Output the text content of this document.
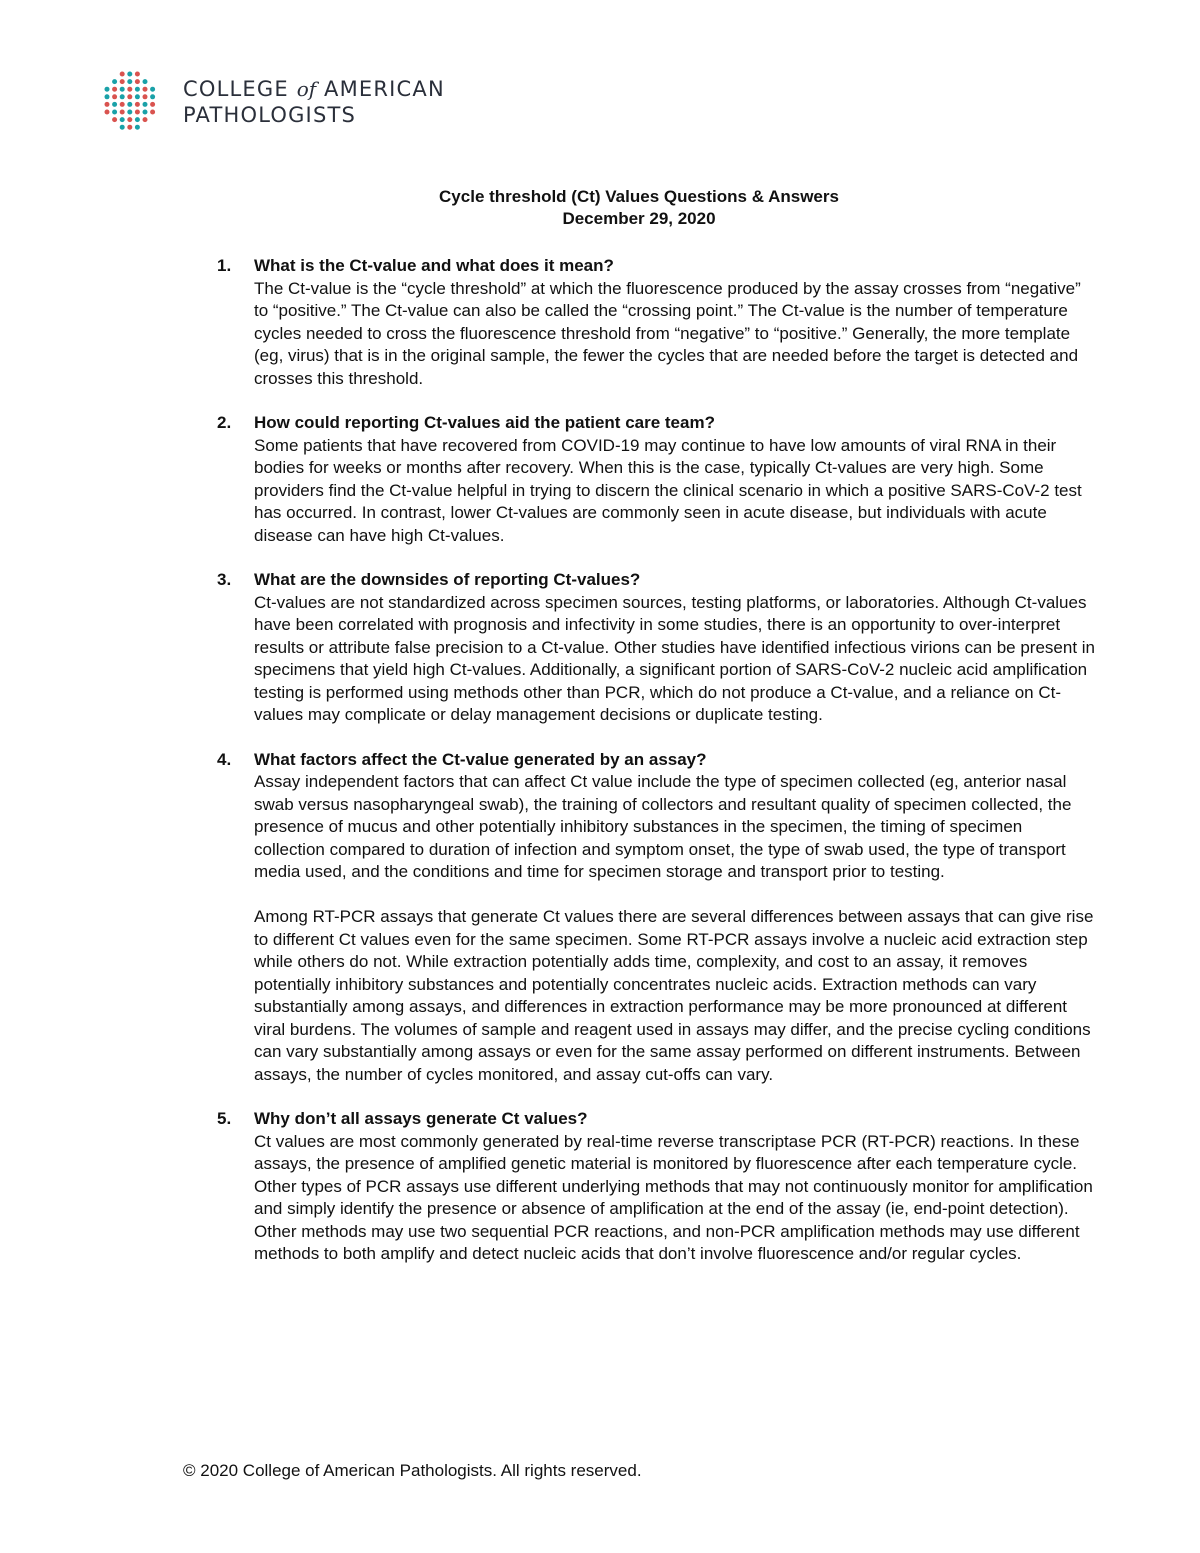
COLLEGE of AMERICAN
PATHOLOGISTS
Cycle threshold (Ct) Values Questions & Answers
December 29, 2020
1. What is the Ct-value and what does it mean?

The Ct-value is the “cycle threshold” at which the fluorescence produced by the assay crosses from “negative” to “positive.” The Ct-value can also be called the “crossing point.” The Ct-value is the number of temperature cycles needed to cross the fluorescence threshold from “negative” to “positive.” Generally, the more template (eg, virus) that is in the original sample, the fewer the cycles that are needed before the target is detected and crosses this threshold.

2. How could reporting Ct-values aid the patient care team?

Some patients that have recovered from COVID-19 may continue to have low amounts of viral RNA in their bodies for weeks or months after recovery. When this is the case, typically Ct-values are very high. Some providers find the Ct-value helpful in trying to discern the clinical scenario in which a positive SARS-CoV-2 test has occurred. In contrast, lower Ct-values are commonly seen in acute disease, but individuals with acute disease can have high Ct-values.

3. What are the downsides of reporting Ct-values?

Ct-values are not standardized across specimen sources, testing platforms, or laboratories. Although Ct-values have been correlated with prognosis and infectivity in some studies, there is an opportunity to over-interpret results or attribute false precision to a Ct-value. Other studies have identified infectious virions can be present in specimens that yield high Ct-values. Additionally, a significant portion of SARS-CoV-2 nucleic acid amplification testing is performed using methods other than PCR, which do not produce a Ct-value, and a reliance on Ct-values may complicate or delay management decisions or duplicate testing.

4. What factors affect the Ct-value generated by an assay?

Assay independent factors that can affect Ct value include the type of specimen collected (eg, anterior nasal swab versus nasopharyngeal swab), the training of collectors and resultant quality of specimen collected, the presence of mucus and other potentially inhibitory substances in the specimen, the timing of specimen collection compared to duration of infection and symptom onset, the type of swab used, the type of transport media used, and the conditions and time for specimen storage and transport prior to testing.

Among RT-PCR assays that generate Ct values there are several differences between assays that can give rise to different Ct values even for the same specimen. Some RT-PCR assays involve a nucleic acid extraction step while others do not. While extraction potentially adds time, complexity, and cost to an assay, it removes potentially inhibitory substances and potentially concentrates nucleic acids. Extraction methods can vary substantially among assays, and differences in extraction performance may be more pronounced at different viral burdens. The volumes of sample and reagent used in assays may differ, and the precise cycling conditions can vary substantially among assays or even for the same assay performed on different instruments. Between assays, the number of cycles monitored, and assay cut-offs can vary.

5. Why don’t all assays generate Ct values?

Ct values are most commonly generated by real-time reverse transcriptase PCR (RT-PCR) reactions. In these assays, the presence of amplified genetic material is monitored by fluorescence after each temperature cycle. Other types of PCR assays use different underlying methods that may not continuously monitor for amplification and simply identify the presence or absence of amplification at the end of the assay (ie, end-point detection). Other methods may use two sequential PCR reactions, and non-PCR amplification methods may use different methods to both amplify and detect nucleic acids that don’t involve fluorescence and/or regular cycles.

© 2020 College of American Pathologists. All rights reserved.
